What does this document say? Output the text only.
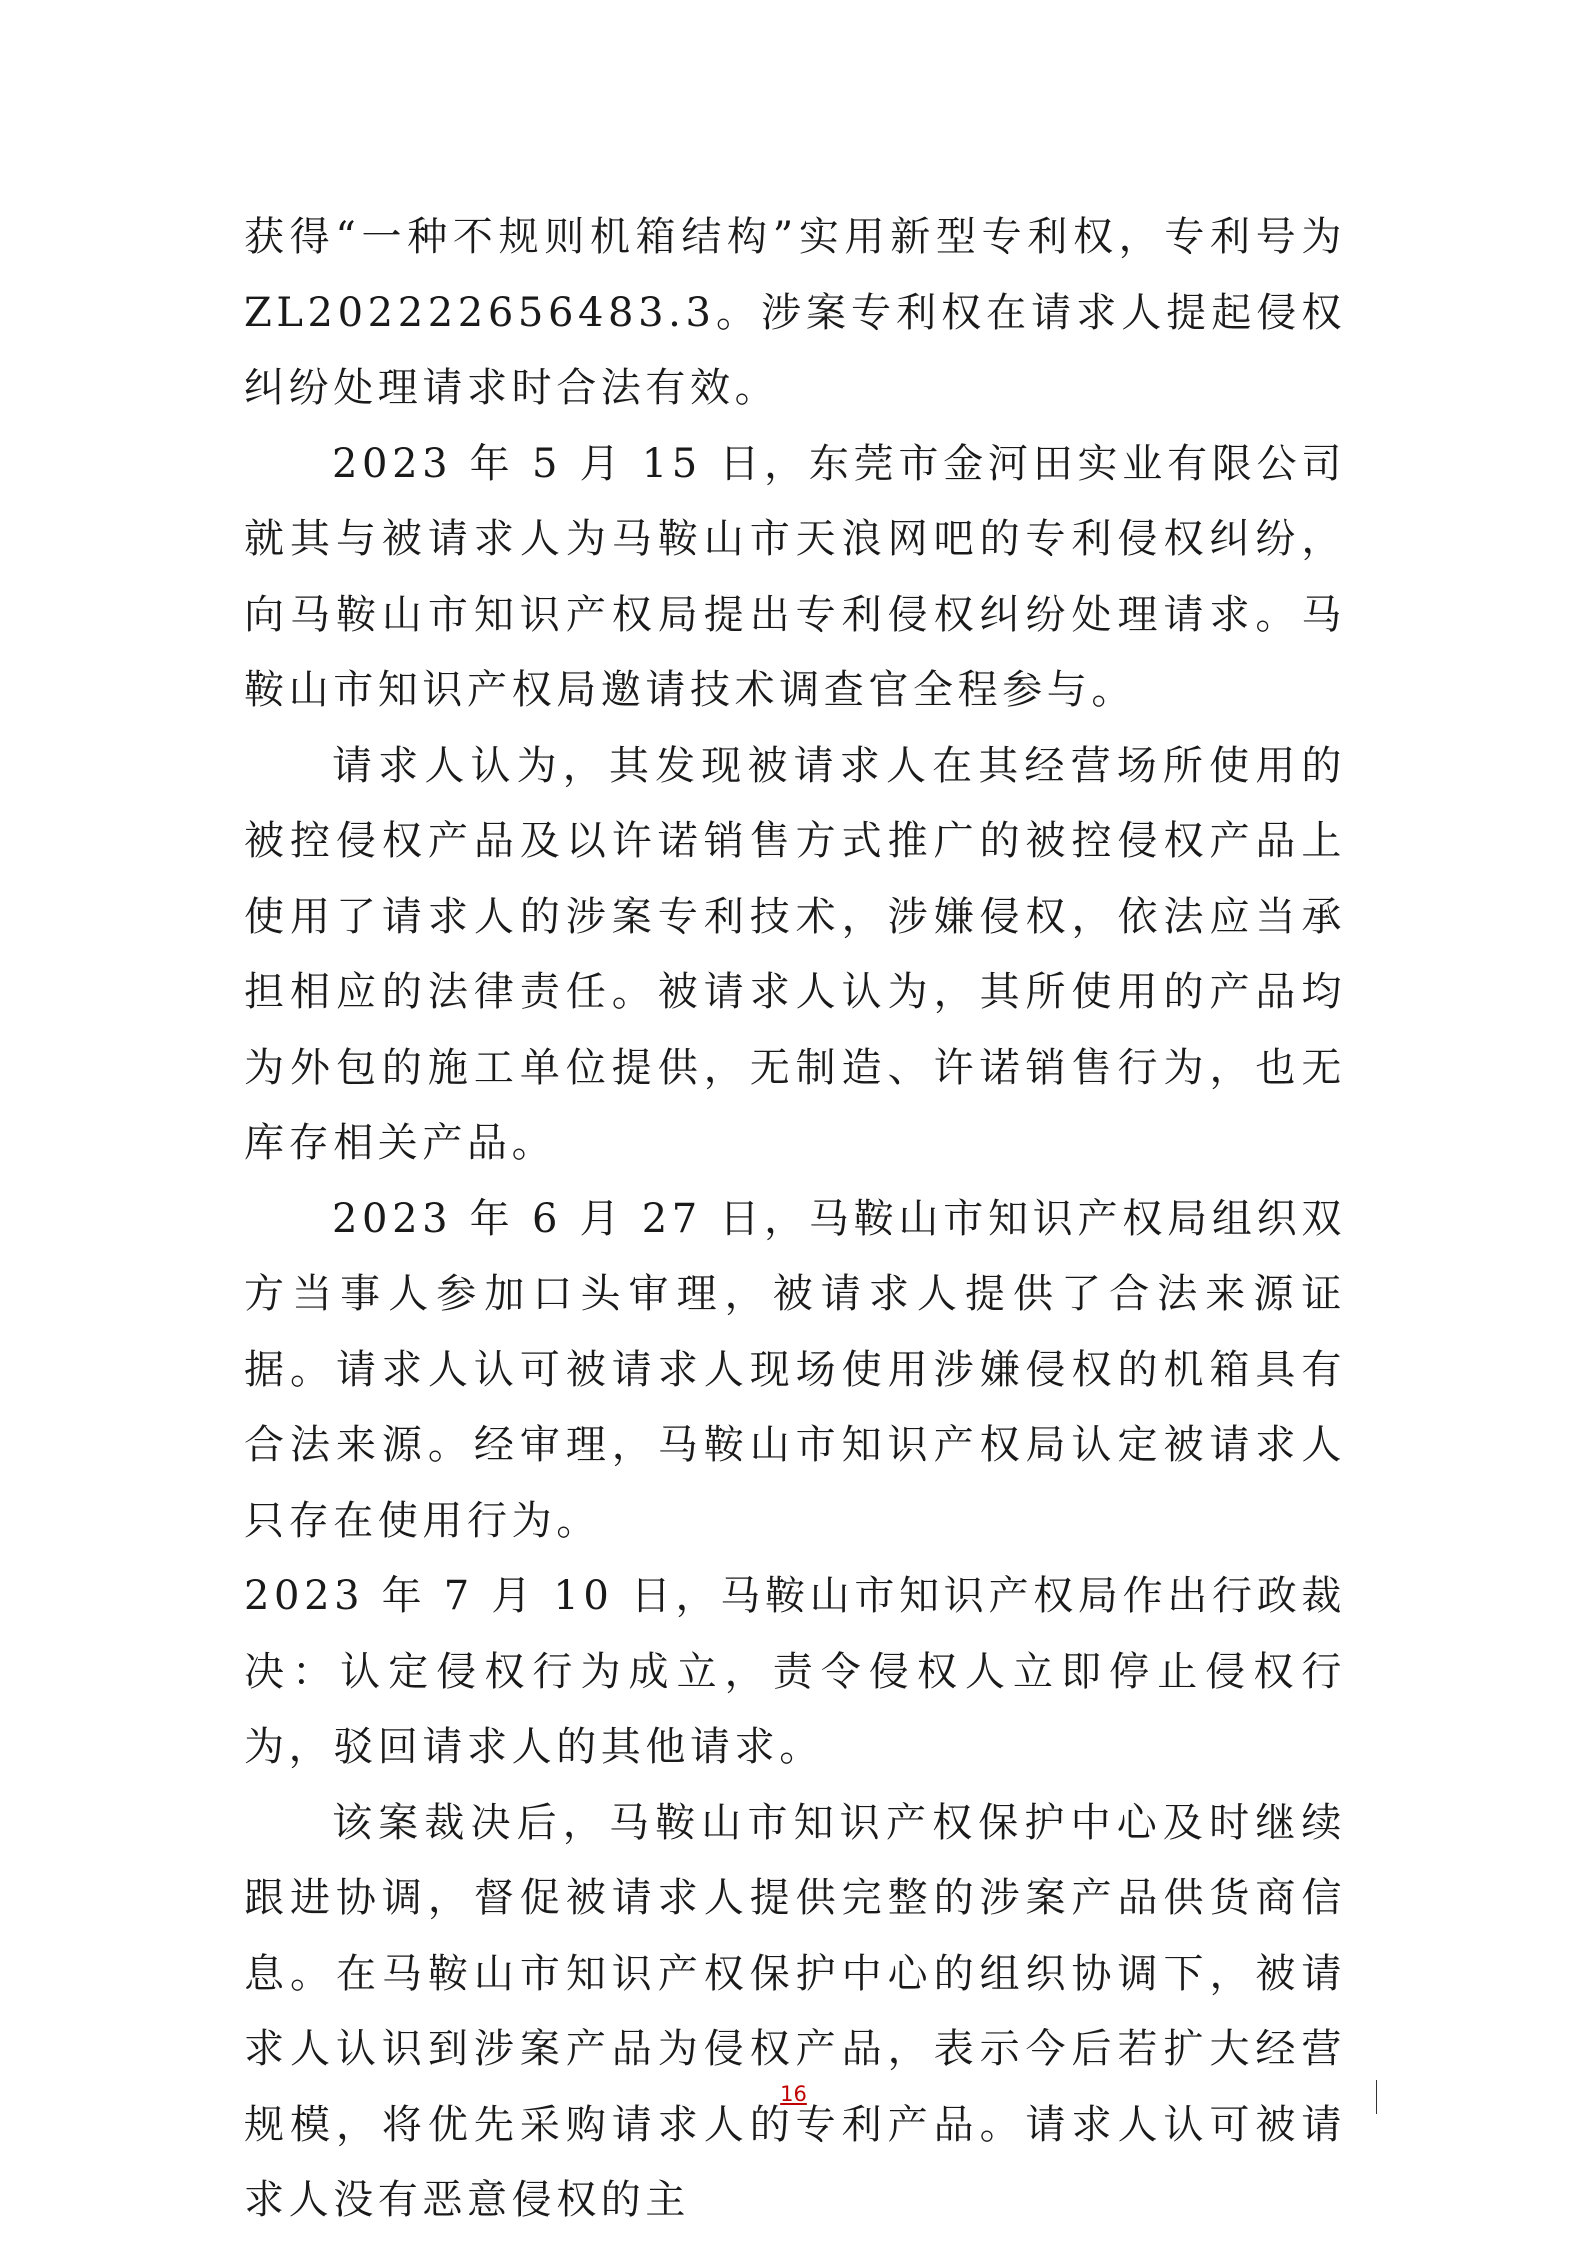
获得“一种不规则机箱结构”实用新型专利权，专利号为ZL202222656483.3。涉案专利权在请求人提起侵权纠纷处理请求时合法有效。

2023 年 5 月 15 日，东莞市金河田实业有限公司就其与被请求人为马鞍山市天浪网吧的专利侵权纠纷，向马鞍山市知识产权局提出专利侵权纠纷处理请求。马鞍山市知识产权局邀请技术调查官全程参与。

请求人认为，其发现被请求人在其经营场所使用的被控侵权产品及以许诺销售方式推广的被控侵权产品上使用了请求人的涉案专利技术，涉嫌侵权，依法应当承担相应的法律责任。被请求人认为，其所使用的产品均为外包的施工单位提供，无制造、许诺销售行为，也无库存相关产品。

2023 年 6 月 27 日，马鞍山市知识产权局组织双方当事人参加口头审理，被请求人提供了合法来源证据。请求人认可被请求人现场使用涉嫌侵权的机箱具有合法来源。经审理，马鞍山市知识产权局认定被请求人只存在使用行为。

2023 年 7 月 10 日，马鞍山市知识产权局作出行政裁决：认定侵权行为成立，责令侵权人立即停止侵权行为，驳回请求人的其他请求。

该案裁决后，马鞍山市知识产权保护中心及时继续跟进协调，督促被请求人提供完整的涉案产品供货商信息。在马鞍山市知识产权保护中心的组织协调下，被请求人认识到涉案产品为侵权产品，表示今后若扩大经营规模，将优先采购请求人的专利产品。请求人认可被请求人没有恶意侵权的主

16
